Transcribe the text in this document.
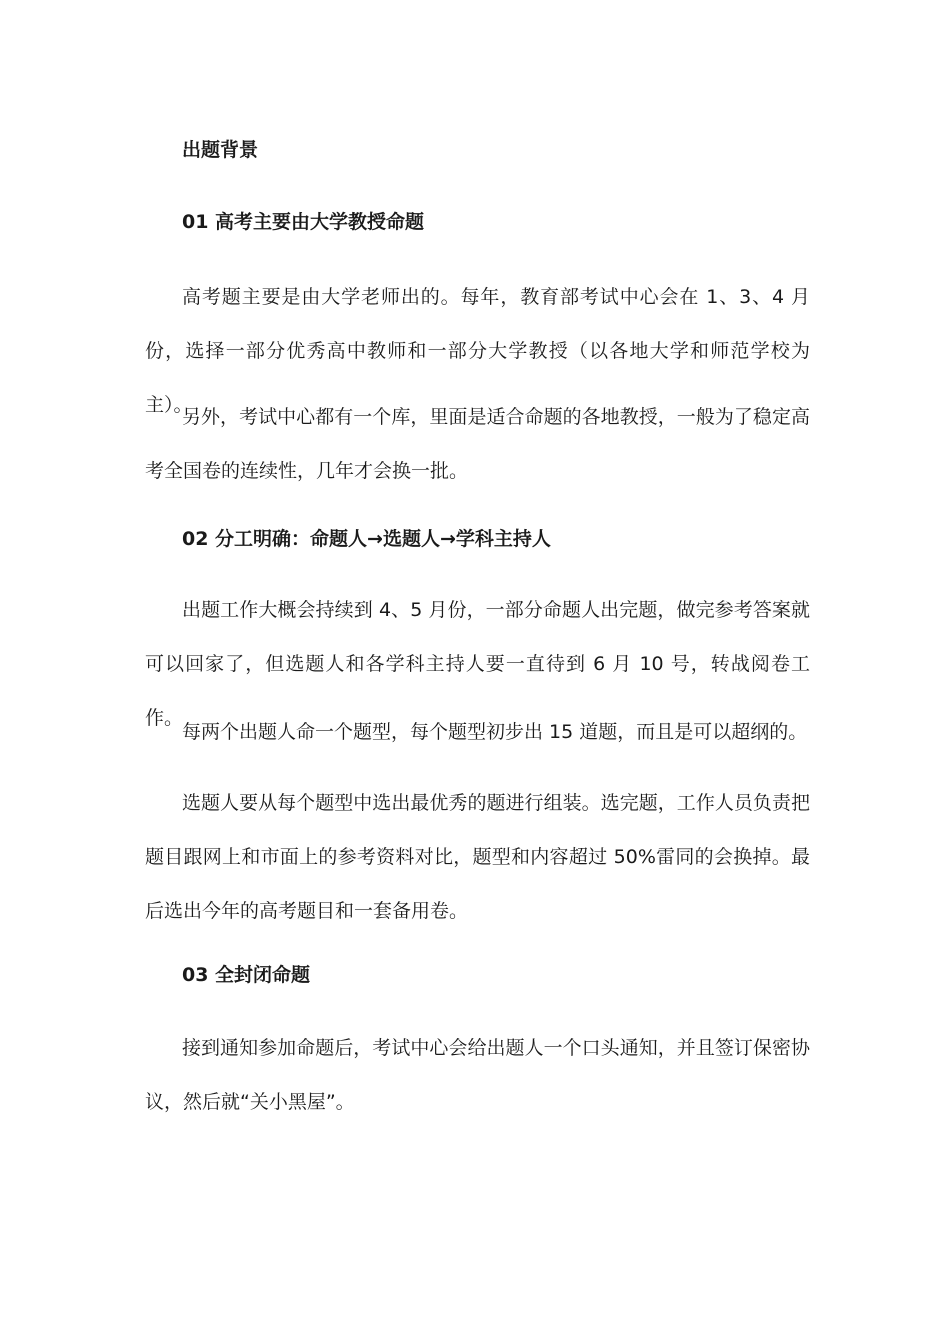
出题背景
01 高考主要由大学教授命题
高考题主要是由大学老师出的。每年，教育部考试中心会在 1、3、4 月份，选择一部分优秀高中教师和一部分大学教授（以各地大学和师范学校为主）。
另外，考试中心都有一个库，里面是适合命题的各地教授，一般为了稳定高考全国卷的连续性，几年才会换一批。
02 分工明确：命题人→选题人→学科主持人
出题工作大概会持续到 4、5 月份，一部分命题人出完题，做完参考答案就可以回家了，但选题人和各学科主持人要一直待到 6 月 10 号，转战阅卷工作。
每两个出题人命一个题型，每个题型初步出 15 道题，而且是可以超纲的。
选题人要从每个题型中选出最优秀的题进行组装。选完题，工作人员负责把题目跟网上和市面上的参考资料对比，题型和内容超过 50%雷同的会换掉。最后选出今年的高考题目和一套备用卷。
03 全封闭命题
接到通知参加命题后，考试中心会给出题人一个口头通知，并且签订保密协议，然后就“关小黑屋”。
